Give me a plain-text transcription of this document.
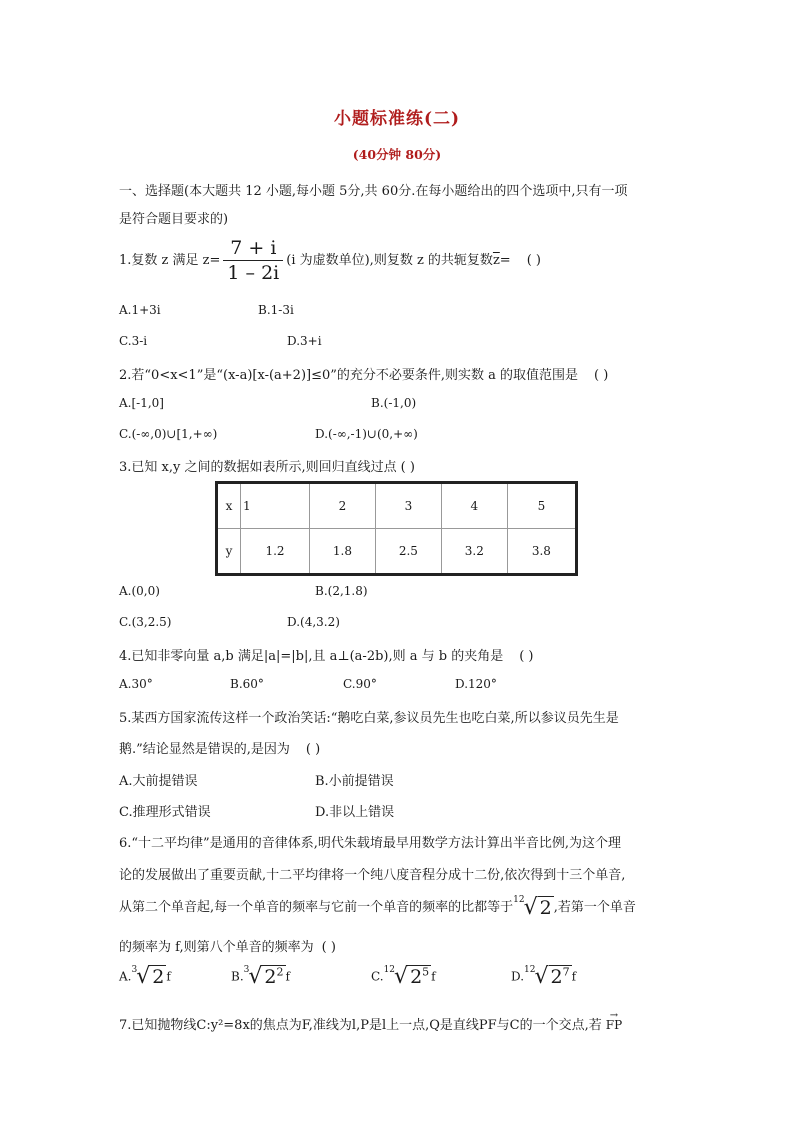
小题标准练(二)
(40分钟 80分)
一、选择题(本大题共 12 小题,每小题 5分,共 60分.在每小题给出的四个选项中,只有一项
是符合题目要求的)
1.复数 z 满足 $z= \frac{7 + i}{1 - 2i} (i$ 为虚数单位),则复数 z 的共轭复数$\overline{z}=$ ( )
A.1+3i	B.1-3i
C.3-i	D.3+i
2.若“0<x<1”是“(x-a)[x-(a+2)]≤0”的充分不必要条件,则实数 a 的取值范围是 ( )
A.[-1,0]	B.(-1,0)
C.(-∞,0)∪[1,+∞)	D.(-∞,-1)∪(0,+∞)
3.已知 x,y 之间的数据如表所示,则回归直线过点 ( )
x	1	2	3	4	5
y	1.2	1.8	2.5	3.2	3.8
A.(0,0)	B.(2,1.8)
C.(3,2.5)	D.(4,3.2)
4.已知非零向量 a,b 满足|a|=|b|,且 a⊥(a-2b),则 a 与 b 的夹角是 ( )
A.30°	B.60°	C.90°	D.120°
5.某西方国家流传这样一个政治笑话:“鹅吃白菜,参议员先生也吃白菜,所以参议员先生是
鹅.”结论显然是错误的,是因为 ( )
A.大前提错误	B.小前提错误
C.推理形式错误	D.非以上错误
6.“十二平均律”是通用的音律体系,明代朱载堉最早用数学方法计算出半音比例,为这个理
论的发展做出了重要贡献,十二平均律将一个纯八度音程分成十二份,依次得到十三个单音,
从第二个单音起,每一个单音的频率与它前一个单音的频率的比都等于$^{12}$√ 2 ,若第一个单音
的频率为 f,则第八个单音的频率为 ( )
A.$^3$√ 2 f	B.$^3$√ $2^2$ f	C.$^{12}$√ $2^5$ f	D.$^{12}$√ $2^7$ f
7.已知抛物线C:y²=8x的焦点为F,准线为l,P是l上一点,Q是直线PF与C的一个交点,若
→
FP
